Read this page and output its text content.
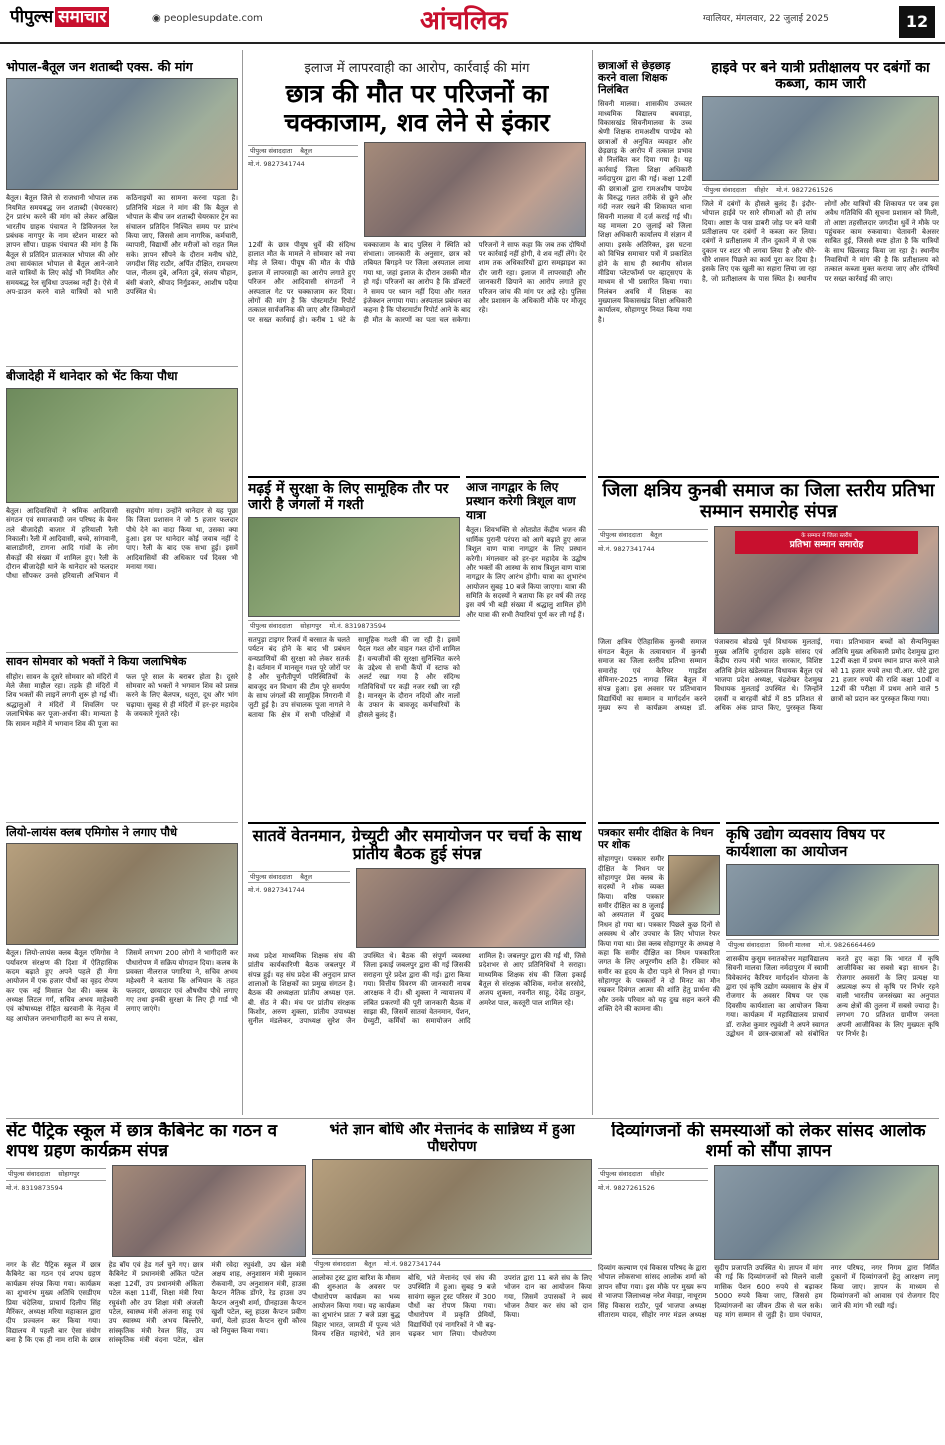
पीपुल्स समाचार	◉ peoplesupdate.com	आंचलिक	ग्वालियर, मंगलवार, 22 जुलाई 2025	12
भोपाल-बैतूल जन शताब्दी एक्स. की मांग
बैतूल। बैतूल जिले से राजधानी भोपाल तक नियमित समयबद्ध जन शताब्दी (चेयरकार) ट्रेन प्रारंभ करने की मांग को लेकर अखिल भारतीय ग्राहक पंचायत ने डिविजनल रेल प्रबंधक नागपुर के नाम स्टेशन मास्टर को ज्ञापन सौंपा। ग्राहक पंचायत की मांग है कि बैतूल से प्रतिदिन प्रातःकाल भोपाल की ओर तथा सायंकाल भोपाल से बैतूल आने-जाने वाले यात्रियों के लिए कोई भी नियमित और समयबद्ध रेल सुविधा उपलब्ध नहीं है। ऐसे में अप-डाउन करने वाले यात्रियों को भारी कठिनाइयों का सामना करना पड़ता है। प्रतिनिधि मंडल ने मांग की कि बैतूल से भोपाल के बीच जन शताब्दी चेयरकार ट्रेन का संचालन प्रतिदिन निश्चित समय पर प्रारंभ किया जाए, जिससे आम नागरिक, कर्मचारी, व्यापारी, विद्यार्थी और मरीजों को राहत मिल सके। ज्ञापन सौंपने के दौरान मनीष घोटे, जगदीश सिंह राठौर, अर्पित दीक्षित, रामचरण पाल, नीलम दुबे, अनिता दुबे, संजय चौहान, बंसी बंजारे, श्रीपाद निर्गुडकर, आशीष पदैया उपस्थित थे।
बीजादेही में थानेदार को भेंट किया पौधा
बैतूल। आदिवासियों ने श्रमिक आदिवासी संगठन एवं समाजवादी जन परिषद के बैनर तले बीजादेही बाजार में हरियाली रैली निकाली। रैली में आदिवासी, बच्चे, सांगवानी, बालाडोंगरी, टागना आदि गांवों के लोग सैकड़ों की संख्या में शामिल हुए। रैली के दौरान बीजादेही थाने के थानेदार को फलदार पौधा सौंपकर उनसे हरियाली अभियान में सहयोग मांगा। उन्होंने थानेदार से यह पूछा कि जिला प्रशासन ने जो 5 हजार फलदार पौधे देने का वादा किया था, उसका क्या हुआ। इस पर थानेदार कोई जवाब नहीं दे पाए। रैली के बाद एक सभा हुई। इसमें आदिवासियों की अधिकार पर्व दिवस भी मनाया गया।
सावन सोमवार को भक्तों ने किया जलाभिषेक
सीहोर। सावन के दूसरे सोमवार को मंदिरों में मेले जैसा माहौल रहा। तड़के ही मंदिरों में शिव भक्तों की लाइनें लगनी शुरू हो गई थीं। श्रद्धालुओं ने मंदिरों में शिवलिंग पर जलाभिषेक कर पूजा-अर्चना की। मान्यता है कि सावन महीने में भगवान शिव की पूजा का फल पूरे साल के बराबर होता है। दूसरे सोमवार को भक्तों ने भगवान शिव को प्रसन्न करने के लिए बेलपत्र, धतूरा, दूध और भांग चढ़ाया। सुबह से ही मंदिरों में हर-हर महादेव के जयकारे गूंजते रहे।
लियो-लायंस क्लब एमिगोस ने लगाए पौधे
बैतूल। लियो-लायंस क्लब बैतूल एमिगोस ने पर्यावरण संरक्षण की दिशा में ऐतिहासिक कदम बढ़ाते हुए अपने पहले ही मेगा आयोजन में एक हजार पौधों का वृहद रोपण कर एक नई मिसाल पेश की। क्लब के अध्यक्ष लिटल गर्ग, सचिव अभय माहेश्वरी एवं कोषाध्यक्ष रोहित खरवानी के नेतृत्व में यह आयोजन जनभागीदारी का रूप ले सका, जिसमें लगभग 200 लोगों ने भागीदारी कर पौधारोपण में सक्रिय योगदान दिया। कलब के प्रवक्ता नीलराज पगारिया ने, सचिव अभय महेश्वरी ने बताया कि अभियान के तहत फलदार, छायादार एवं औषधीय पौधे लगाए गए तथा इनकी सुरक्षा के लिए ट्री गार्ड भी लगाए जाएंगे।
इलाज में लापरवाही का आरोप, कार्रवाई की मांग
छात्र की मौत पर परिजनों का चक्काजाम, शव लेने से इंकार
पीपुल्स संवाददाता बैतूल
मो.नं. 9827341744
12वीं के छात्र पीयूष धुर्वे की संदिग्ध हालात मौत के मामले ने सोमवार को नया मोड़ ले लिया। पीयूष की मौत के पीछे इलाज में लापरवाही का आरोप लगाते हुए परिजन और आदिवासी संगठनों ने अस्पताल गेट पर चक्काजाम कर दिया। लोगों की मांग है कि पोस्टमार्टम रिपोर्ट तत्काल सार्वजनिक की जाए और जिम्मेदारों पर सख्त कार्रवाई हो। करीब 1 घंटे के चक्काजाम के बाद पुलिस ने स्थिति को संभाला। जानकारी के अनुसार, छात्र को तबियत बिगड़ने पर जिला अस्पताल लाया गया था, जहां इलाज के दौरान उसकी मौत हो गई। परिजनों का आरोप है कि डॉक्टरों ने समय पर ध्यान नहीं दिया और गलत इंजेक्शन लगाया गया। अस्पताल प्रबंधन का कहना है कि पोस्टमार्टम रिपोर्ट आने के बाद ही मौत के कारणों का पता चल सकेगा। परिजनों ने साफ कहा कि जब तक दोषियों पर कार्रवाई नहीं होगी, वे शव नहीं लेंगे। देर शाम तक अधिकारियों द्वारा समझाइश का दौर जारी रहा। इलाज में लापरवाही और जानकारी छिपाने का आरोप लगाते हुए परिजन जांच की मांग पर अड़े रहे। पुलिस और प्रशासन के अधिकारी मौके पर मौजूद रहे।
मढ़ई में सुरक्षा के लिए सामूहिक तौर पर जारी है जंगलों में गश्ती
पीपुल्स संवाददाता सोहागपुर मो.नं. 8319873594
सतपुड़ा टाइगर रिजर्व में बरसात के चलते पर्यटन बंद होने के बाद भी प्रबंधन वन्यप्राणियों की सुरक्षा को लेकर सतर्क है। वर्तमान में मानसून गश्त पूरे जोरों पर है और चुनौतीपूर्ण परिस्थितियों के बावजूद वन विभाग की टीम पूरे समर्पण के साथ जंगलों की सामूहिक निगरानी में जुटी हुई है। उप संचालक पूजा नागले ने बताया कि क्षेत्र में सभी परिक्षेत्रों में सामूहिक गश्ती की जा रही है। इसमें पैदल गश्त और वाहन गश्त दोनों शामिल हैं। वन्यजीवों की सुरक्षा सुनिश्चित करने के उद्देश्य से सभी कैंपों में स्टाफ को अलर्ट रखा गया है और संदिग्ध गतिविधियों पर कड़ी नजर रखी जा रही है। मानसून के दौरान नदियों और नालों के उफान के बावजूद कर्मचारियों के हौसले बुलंद हैं।
आज नागद्वार के लिए प्रस्थान करेगी त्रिशूल वाण यात्रा
बैतूल। शिवभक्ति से ओतप्रोत केंद्रीय भजन की धार्मिक पुरानी परंपरा को आगे बढ़ाते हुए आज त्रिशूल वाण यात्रा नागद्वार के लिए प्रस्थान करेगी। मंगलवार को हर-हर महादेव के उद्घोष और भक्तों की आस्था के साथ त्रिशूल वाण यात्रा नागद्वार के लिए आरंभ होगी। यात्रा का शुभारंभ आयोजन सुबह 10 बजे किया जाएगा। यात्रा की समिति के सदस्यों ने बताया कि हर वर्ष की तरह इस वर्ष भी बड़ी संख्या में श्रद्धालु शामिल होंगे और यात्रा की सभी तैयारियां पूर्ण कर ली गई हैं।
सातवें वेतनमान, ग्रेच्युटी और समायोजन पर चर्चा के साथ प्रांतीय बैठक हुई संपन्न
पीपुल्स संवाददाता बैतूल
मो.नं. 9827341744
मध्य प्रदेश माध्यमिक शिक्षक संघ की प्रांतीय कार्यकारिणी बैठक जबलपुर में संपन्न हुई। यह संघ प्रदेश की अनुदान प्राप्त शालाओं के शिक्षकों का प्रमुख संगठन है। बैठक की अध्यक्षता प्रांतीय अध्यक्ष एल. बी. सेंठ ने की। मंच पर प्रांतीय संरक्षक किशोर, अरुण शुक्ला, प्रांतीय उपाध्यक्ष सुनील मंडलेकर, उपाध्यक्ष सुरेश जैन उपस्थित थे। बैठक की संपूर्ण व्यवस्था जिला इकाई जबलपुर द्वारा की गई जिसकी सराहना पूरे प्रदेश द्वारा की गई। द्वारा किया गया। वित्तीय विवरण की जानकारी नायब आरक्षक ने दी। श्री शुक्ला ने न्यायालय में लंबित प्रकरणों की पूरी जानकारी बैठक में साझा की, जिसमें सातवां वेतनमान, पेंशन, ग्रेच्युटी, कर्मियों का समायोजन आदि शामिल है। जबलपुर द्वारा की गई थी, जिसे प्रदेशभर से आए प्रतिनिधियों ने सराहा। माध्यमिक शिक्षक संघ की जिला इकाई बैतूल से संरक्षक कौशिक, मनोज सरसोदे, अजय शुक्ला, नवनीत साहू, देवेंद्र ठाकुर, अमरेश पाल, कस्तूरी पाल शामिल रहे।
छात्राओं से छेड़छाड़ करने वाला शिक्षक निलंबित
सिवनी मालवा। शासकीय उच्चतर माध्यमिक विद्यालय बघवाड़ा, विकासखंड सिवनीमालवा के उच्च श्रेणी शिक्षक रामअशीष पाण्डेय को छात्राओं से अनुचित व्यवहार और छेड़छाड़ के आरोप में तत्काल प्रभाव से निलंबित कर दिया गया है। यह कार्रवाई जिला शिक्षा अधिकारी नर्मदापुरम द्वारा की गई। कक्षा 12वीं की छात्राओं द्वारा रामअशीष पाण्डेय के विरुद्ध गलत तरीके से छूने और गंदी नजर रखने की शिकायत थाना सिवनी मालवा में दर्ज कराई गई थी। यह मामला 20 जुलाई को जिला शिक्षा अधिकारी कार्यालय में संज्ञान में आया। इसके अतिरिक्त, इस घटना को विभिन्न समाचार पत्रों में प्रकाशित होने के साथ ही स्थानीय सोशल मीडिया प्लेटफॉर्म्स पर व्हाट्सएप के माध्यम से भी प्रसारित किया गया। निलंबन अवधि में शिक्षक का मुख्यालय विकासखंड शिक्षा अधिकारी कार्यालय, सोहागपुर नियत किया गया है।
हाइवे पर बने यात्री प्रतीक्षालय पर दबंगों का कब्जा, काम जारी
पीपुल्स संवाददाता सीहोर मो.नं. 9827261526
जिले में दबंगों के हौसले बुलंद हैं। इंदौर-भोपाल हाईवे पर सारे सीमाओं को ही लांघ दिया। आष्टा के पास डाबरी जोड़ पर बने यात्री प्रतीक्षालय पर दबंगों ने कब्जा कर लिया। दबंगों ने प्रतीक्षालय में तीन दुकानें में से एक दुकान पर शटर भी लगवा लिया है और धीरे-धीरे शासन पिछले का कार्य पूरा कर दिया है। इसके लिए एक खुली का सहारा लिया जा रहा है, जो प्रतीक्षालय के पास स्थित है। स्थानीय लोगों और यात्रियों की शिकायत पर जब इस अवैध गतिविधि की सूचना प्रशासन को मिली, तो आष्टा तहसीलदार जगदीश धुर्वे ने मौके पर पहुंचकर काम रुकवाया। चेतावनी बेअसर साबित हुई, जिससे स्पष्ट होता है कि यात्रियों के साथ खिलवाड़ किया जा रहा है। स्थानीय निवासियों ने मांग की है कि प्रतीक्षालय को तत्काल कब्जा मुक्त कराया जाए और दोषियों पर सख्त कार्रवाई की जाए।
जिला क्षत्रिय कुनबी समाज का जिला स्तरीय प्रतिभा सम्मान समारोह संपन्न
पीपुल्स संवाददाता बैतूल
मो.नं. 9827341744
के सम्मान में जिला स्तरीय
प्रतिभा सम्मान समारोह
जिला क्षत्रिय ऐतिहासिक कुनबी समाज संगठन बैतूल के तत्वावधान में कुनबी समाज का जिला स्तरीय प्रतिभा सम्मान समारोह एवं केरियर गाइडेंस सेमिनार-2025 नागदा स्थित बैतूल में संपन्न हुआ। इस अवसर पर प्रतिभावान विद्यार्थियों का सम्मान व मार्गदर्शन करने मुख्य रूप से कार्यक्रम अध्यक्ष डॉ. पंजाबराव बोडखे पूर्व विधायक मुलताई, मुख्य अतिथि दुर्गादास उइके सांसद एवं केंद्रीय राज्य मंत्री भारत सरकार, विशिष्ट अतिथि हेमंत खंडेलवाल विधायक बैतूल एवं भाजपा प्रदेश अध्यक्ष, चंद्रशेखर देशमुख विधायक मुलताई उपस्थित थे। जिन्होंने दसवीं व बारहवीं बोर्ड में 85 प्रतिशत से अधिक अंक प्राप्त किए, पुरस्कृत किया गया। प्रतिभावान बच्चों को सैन्यनियुक्त अतिथि मुख्य अधिकारी प्रमोद देशमुख द्वारा 12वीं कक्षा में प्रथम स्थान प्राप्त करने वाले को 11 हजार रुपये तथा पी.आर. पोटे द्वारा 21 हजार रुपये की राशि कक्षा 10वीं व 12वीं की परीक्षा में प्रथम आने वाले 5 छात्रों को प्रदान कर पुरस्कृत किया गया।
पत्रकार समीर दीक्षित के निधन पर शोक
सोहागपुर। पत्रकार समीर दीक्षित के निधन पर सोहागपुर प्रेस क्लब के सदस्यों ने शोक व्यक्त किया। वरिष्ठ पत्रकार समीर दीक्षित का 8 जुलाई को अस्पताल में दुखद निधन हो गया था। पत्रकार पिछले कुछ दिनों से अस्वस्थ थे और उपचार के लिए भोपाल रेफर किया गया था। प्रेस क्लब सोहागपुर के अध्यक्ष ने कहा कि समीर दीक्षित का निधन पत्रकारिता जगत के लिए अपूरणीय क्षति है। रविवार को समीर का हृदय के दौरा पड़ने से निधन हो गया। सोहागपुर के पत्रकारों ने दो मिनट का मौन रखकर दिवंगत आत्मा की शांति हेतु प्रार्थना की और उनके परिवार को यह दुख सहन करने की शक्ति देने की कामना की।
कृषि उद्योग व्यवसाय विषय पर कार्यशाला का आयोजन
पीपुल्स संवाददाता सिवनी मालवा मो.नं. 9826664469
शासकीय कुसुम स्नातकोत्तर महाविद्यालय सिवनी मालवा जिला नर्मदापुरम में स्वामी विवेकानंद कैरियर मार्गदर्शन योजना के द्वारा एवं कृषि उद्योग व्यवसाय के क्षेत्र में रोजगार के अवसर विषय पर एक दिवसीय कार्यशाला का आयोजन किया गया। कार्यक्रम में महाविद्यालय प्राचार्य डॉ. राजेश कुमार रघुवंशी ने अपने स्वागत उद्बोधन में छात्र-छात्राओं को संबोधित करते हुए कहा कि भारत में कृषि आजीविका का सबसे बड़ा साधन है। रोजगार अवसरों के लिए प्रत्यक्ष या अप्रत्यक्ष रूप से कृषि पर निर्भर रहने वाली भारतीय जनसंख्या का अनुपात अन्य क्षेत्रों की तुलना में सबसे ज्यादा है। लगभग 70 प्रतिशत ग्रामीण जनता अपनी आजीविका के लिए मुख्यतः कृषि पर निर्भर है।
सेंट पैट्रिक स्कूल में छात्र कैबिनेट का गठन व शपथ ग्रहण कार्यक्रम संपन्न
पीपुल्स संवाददाता सोहागपुर
मो.नं. 8319873594
नगर के सेंट पैट्रिक स्कूल में छात्र कैबिनेट का गठन एवं शपथ ग्रहण कार्यक्रम संपन्न किया गया। कार्यक्रम का शुभारंभ मुख्य अतिथि एसडीएम प्रिया चंदेलिया, प्राचार्य दिलीप सिंह मैरिंकर, अध्यक्ष मरिया महाकाल द्वारा दीप प्रज्वलन कर किया गया। विद्यालय में पहली बार ऐसा संयोग बना है कि एक ही नाम राशि के छात्र हेड बॉय एवं हेड गर्ल चुने गए। छात्र कैबिनेट में प्रधानमंत्री अंकित पटेल कक्षा 12वीं, उप प्रधानमंत्री अंकिता पटेल कक्षा 11वीं, शिक्षा मंत्री रिया रघुवंशी और उप शिक्षा मंत्री अंजली पटेल, स्वास्थ्य मंत्री अंजना साहू एवं उप स्वास्थ्य मंत्री अभय बिल्लौरे, सांस्कृतिक मंत्री रेवल सिंह, उप सांस्कृतिक मंत्री वंदना पटेल, खेल मंत्री रवेदा रघुवंशी, उप खेल मंत्री अक्षय शाह, अनुशासन मंत्री मुस्कान रोकवानी, उप अनुशासन मंत्री, हाउस कैप्टन नैतिक डोंगरे, रेड हाउस उप कैप्टन अनुश्री शर्मा, ग्रीनहाउस कैप्टन खुशी पटेल, ब्लू हाउस कैप्टन प्रवीण वर्मा, येलो हाउस कैप्टन सुधी कौरव को नियुक्त किया गया।
भंते ज्ञान बोधि और मेत्तानंद के सान्निध्य में हुआ पौधरोपण
पीपुल्स संवाददाता बैतूल मो.नं. 9827341744
आलोका ट्रस्ट द्वारा बारिश के मौसम की शुरुआत के अवसर पर पौधारोपण कार्यक्रम का भव्य आयोजन किया गया। यह कार्यक्रम का शुभारंभ प्रातः 7 बजे प्रज्ञा बुद्ध विहार भारत, जामठी में पूज्य भंते विनय रक्षित महाथेरो, भंते ज्ञान बोधि, भंते मेत्तानंद एवं संघ की उपस्थिति में हुआ। सुबह 9 बजे सावंगा स्कूल ट्रस्ट परिसर में 300 पौधों का रोपण किया गया। पौधारोपण में प्रकृति प्रेमियों, विद्यार्थियों एवं नागरिकों ने भी बढ़-चढ़कर भाग लिया। पौधरोपण उपरांत द्वारा 11 बजे संघ के लिए भोजन दान का आयोजन किया गया, जिसमें उपासकों ने स्वयं भोजन तैयार कर संघ को दान किया।
दिव्यांगजनों की समस्याओं को लेकर सांसद आलोक शर्मा को सौंपा ज्ञापन
पीपुल्स संवाददाता सीहोर
मो.नं. 9827261526
दिव्यांग कल्याण एवं विकास परिषद के द्वारा भोपाल लोकसभा सांसद आलोक शर्मा को ज्ञापन सौंपा गया। इस मौके पर मुख्य रूप से भाजपा जिलाध्यक्ष नरेश मेवाड़ा, नाथूराम सिंह विकास राठौर, पूर्व भाजपा अध्यक्ष सीताराम यादव, सीहोर नगर मंडल अध्यक्ष सुदीप प्रजापति उपस्थित थे। ज्ञापन में मांग की गई कि दिव्यांगजनों को मिलने वाली मासिक पेंशन 600 रुपये से बढ़ाकर 5000 रुपये किया जाए, जिससे हम दिव्यांगजनों का जीवन ठीक से चल सके। यह मांग सम्मान से जुड़ी है। ग्राम पंचायत, नगर परिषद, नगर निगम द्वारा निर्मित दुकानों में दिव्यांगजनों हेतु आरक्षण लागू किया जाए। ज्ञापन के माध्यम से दिव्यांगजनों को आवास एवं रोजगार दिए जाने की मांग भी रखी गई।
